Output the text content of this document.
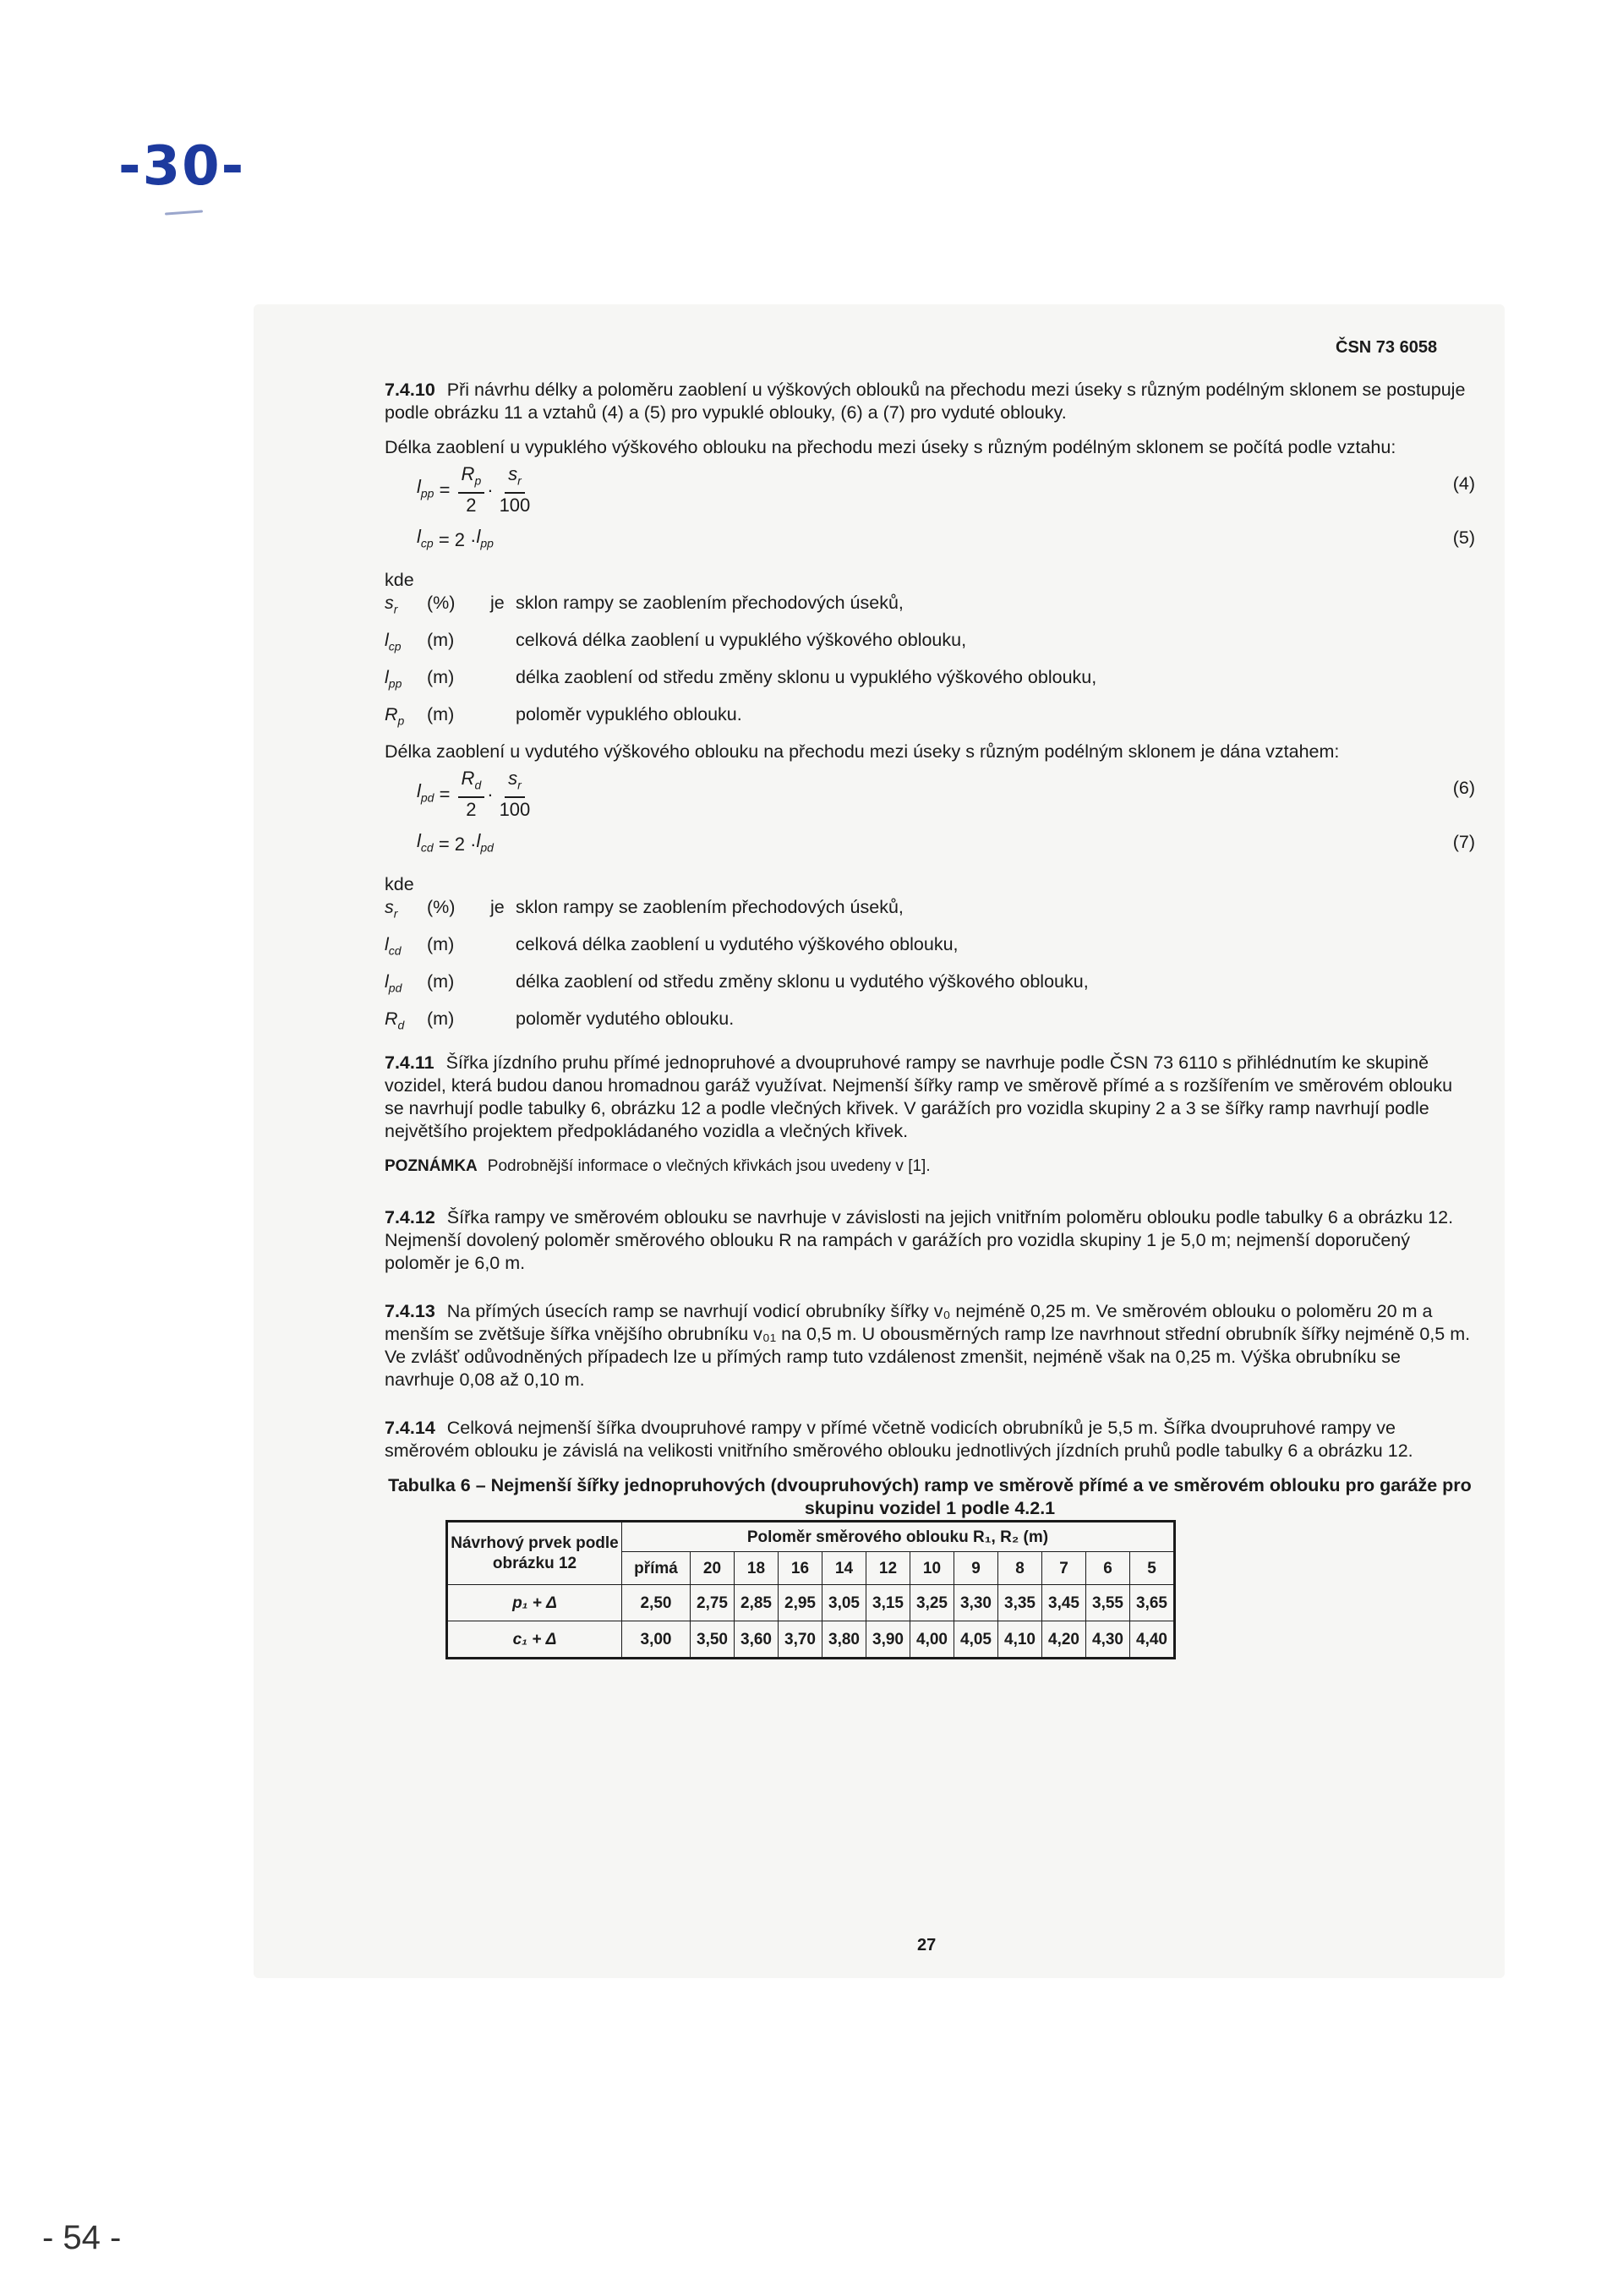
-30-
ČSN 73 6058

7.4.10 Při návrhu délky a poloměru zaoblení u výškových oblouků na přechodu mezi úseky s různým podélným sklonem se postupuje podle obrázku 11 a vztahů (4) a (5) pro vypuklé oblouky, (6) a (7) pro vyduté oblouky.

Délka zaoblení u vypuklého výškového oblouku na přechodu mezi úseky s různým podélným sklonem se počítá podle vztahu:

$l_{pp} = \frac{R_p}{2} \cdot \frac{s_r}{100}$	(4)
$l_{cp}$
= $2 \cdot l_{pp}$	(5)

kde

$s_r$	(%)	je sklon rampy se zaoblením přechodových úseků,
$l_{cp}$	(m)	celková délka zaoblení u vypuklého výškového oblouku,
$l_{pp}$	(m)	délka zaoblení od středu změny sklonu u vypuklého výškového oblouku,
$R_p$	(m)	poloměr vypuklého oblouku.

Délka zaoblení u vydutého výškového oblouku na přechodu mezi úseky s různým podélným sklonem je dána vztahem:

$l_{pd} = \frac{R_d}{2} \cdot \frac{s_r}{100}$	(6)
$l_{cd}$
= $2 \cdot l_{pd}$	(7)

kde

$s_r$	(%)	je sklon rampy se zaoblením přechodových úseků,
$l_{cd}$	(m)	celková délka zaoblení u vydutého výškového oblouku,
$l_{pd}$	(m)	délka zaoblení od středu změny sklonu u vydutého výškového oblouku,
$R_d$	(m)	poloměr vydutého oblouku.

7.4.11 Šířka jízdního pruhu přímé jednopruhové a dvoupruhové rampy se navrhuje podle ČSN 73 6110 s přihlédnutím ke skupině vozidel, která budou danou hromadnou garáž využívat. Nejmenší šířky ramp ve směrově přímé a s rozšířením ve směrovém oblouku se navrhují podle tabulky 6, obrázku 12 a podle vlečných křivek. V garážích pro vozidla skupiny 2 a 3 se šířky ramp navrhují podle největšího projektem předpokládaného vozidla a vlečných křivek.

POZNÁMKA Podrobnější informace o vlečných křivkách jsou uvedeny v [1].

7.4.12 Šířka rampy ve směrovém oblouku se navrhuje v závislosti na jejich vnitřním poloměru oblouku podle tabulky 6 a obrázku 12. Nejmenší dovolený poloměr směrového oblouku R na rampách v garážích pro vozidla skupiny 1 je 5,0 m; nejmenší doporučený poloměr je 6,0 m.

7.4.13 Na přímých úsecích ramp se navrhují vodicí obrubníky šířky v₀ nejméně 0,25 m. Ve směrovém oblouku o poloměru 20 m a menším se zvětšuje šířka vnějšího obrubníku v₀₁ na 0,5 m. U obousměrných ramp lze navrhnout střední obrubník šířky nejméně 0,5 m. Ve zvlášť odůvodněných případech lze u přímých ramp tuto vzdálenost zmenšit, nejméně však na 0,25 m. Výška obrubníku se navrhuje 0,08 až 0,10 m.

7.4.14 Celková nejmenší šířka dvoupruhové rampy v přímé včetně vodicích obrubníků je 5,5 m. Šířka dvoupruhové rampy ve směrovém oblouku je závislá na velikosti vnitřního směrového oblouku jednotlivých jízdních pruhů podle tabulky 6 a obrázku 12.

Tabulka 6 – Nejmenší šířky jednopruhových (dvoupruhových) ramp ve směrově přímé a ve směrovém oblouku pro garáže pro skupinu vozidel 1 podle 4.2.1

Návrhový prvek podle obrázku 12	Poloměr směrového oblouku R₁, R₂ (m)											
	přímá	20	18	16	14	12	10	9	8	7	6	5
p₁ + Δ	2,50	2,75	2,85	2,95	3,05	3,15	3,25	3,30	3,35	3,45	3,55	3,65
c₁ + Δ	3,00	3,50	3,60	3,70	3,80	3,90	4,00	4,05	4,10	4,20	4,30	4,40
27
- 54 -
